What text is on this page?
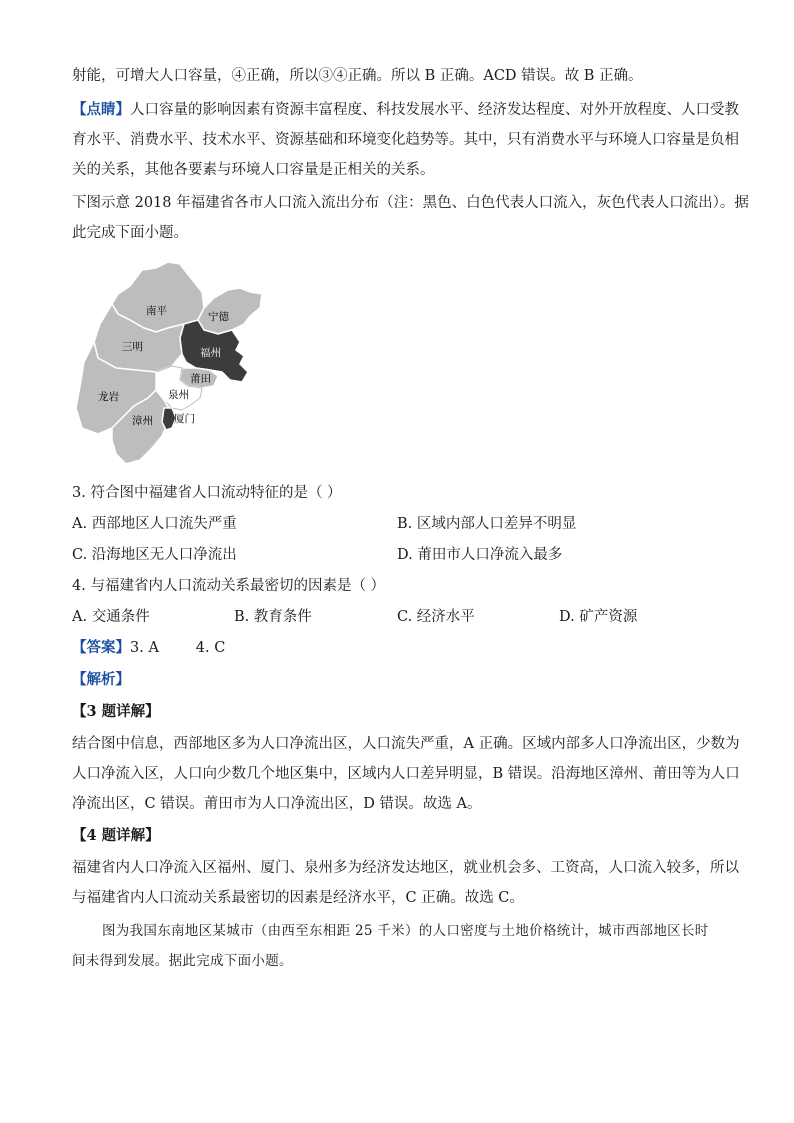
射能，可增大人口容量，④正确，所以③④正确。所以 B 正确。ACD 错误。故 B 正确。
【点睛】人口容量的影响因素有资源丰富程度、科技发展水平、经济发达程度、对外开放程度、人口受教
育水平、消费水平、技术水平、资源基础和环境变化趋势等。其中，只有消费水平与环境人口容量是负相
关的关系，其他各要素与环境人口容量是正相关的关系。
下图示意 2018 年福建省各市人口流入流出分布（注：黑色、白色代表人口流入，灰色代表人口流出）。据
此完成下面小题。
南平	宁德
三明	福州
莆田
泉州
龙岩
漳州 厦门
3. 符合图中福建省人口流动特征的是（ ）
A. 西部地区人口流失严重	B. 区域内部人口差异不明显
C. 沿海地区无人口净流出	D. 莆田市人口净流入最多
4. 与福建省内人口流动关系最密切的因素是（ ）
A. 交通条件	B. 教育条件	C. 经济水平	D. 矿产资源
【答案】3. A        4. C
【解析】
【3 题详解】
结合图中信息，西部地区多为人口净流出区，人口流失严重，A 正确。区域内部多人口净流出区，少数为
人口净流入区，人口向少数几个地区集中，区域内人口差异明显，B 错误。沿海地区漳州、莆田等为人口
净流出区，C 错误。莆田市为人口净流出区，D 错误。故选 A。
【4 题详解】
福建省内人口净流入区福州、厦门、泉州多为经济发达地区，就业机会多、工资高，人口流入较多，所以
与福建省内人口流动关系最密切的因素是经济水平，C 正确。故选 C。
图为我国东南地区某城市（由西至东相距 25 千米）的人口密度与土地价格统计，城市西部地区长时
间未得到发展。据此完成下面小题。
